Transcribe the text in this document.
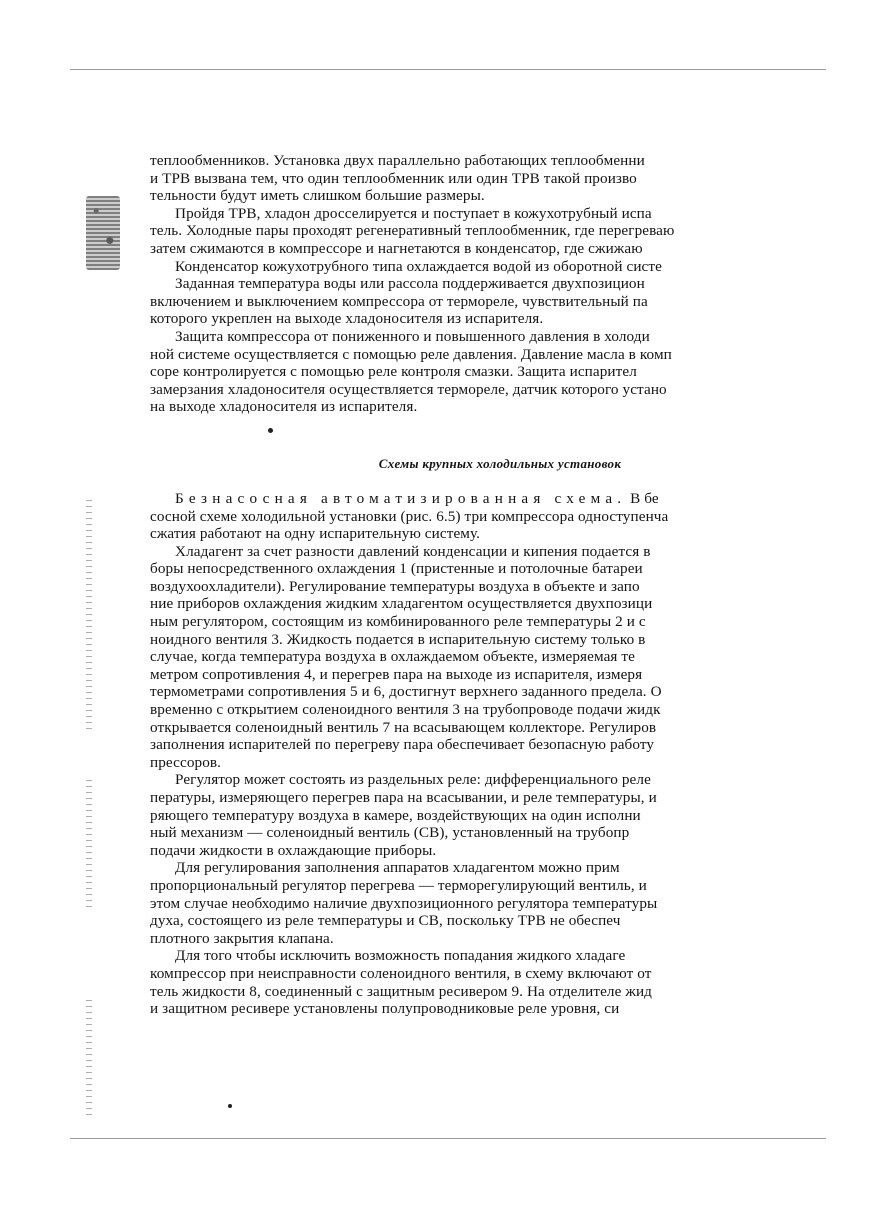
теплообменников. Установка двух параллельно работающих теплообменни
и ТРВ вызвана тем, что один теплообменник или один ТРВ такой произво
тельности будут иметь слишком большие размеры.
Пройдя ТРВ, хладон дросселируется и поступает в кожухотрубный испа
тель. Холодные пары проходят регенеративный теплообменник, где перегреваю
затем сжимаются в компрессоре и нагнетаются в конденсатор, где сжижаю
Конденсатор кожухотрубного типа охлаждается водой из оборотной систе
Заданная температура воды или рассола поддерживается двухпозицион
включением и выключением компрессора от термореле, чувствительный па
которого укреплен на выходе хладоносителя из испарителя.
Защита компрессора от пониженного и повышенного давления в холоди
ной системе осуществляется с помощью реле давления. Давление масла в комп
соре контролируется с помощью реле контроля смазки. Защита испарител
замерзания хладоносителя осуществляется термореле, датчик которого устано
на выходе хладоносителя из испарителя.
Схемы крупных холодильных установок
Безнасосная автоматизированная схема. В бе
сосной схеме холодильной установки (рис. 6.5) три компрессора одноступенча
сжатия работают на одну испарительную систему.
Хладагент за счет разности давлений конденсации и кипения подается в
боры непосредственного охлаждения 1 (пристенные и потолочные батареи
воздухоохладители). Регулирование температуры воздуха в объекте и запо
ние приборов охлаждения жидким хладагентом осуществляется двухпозици
ным регулятором, состоящим из комбинированного реле температуры 2 и с
ноидного вентиля 3. Жидкость подается в испарительную систему только в
случае, когда температура воздуха в охлаждаемом объекте, измеряемая те
метром сопротивления 4, и перегрев пара на выходе из испарителя, измеря
термометрами сопротивления 5 и 6, достигнут верхнего заданного предела. О
временно с открытием соленоидного вентиля 3 на трубопроводе подачи жидк
открывается соленоидный вентиль 7 на всасывающем коллекторе. Регулиров
заполнения испарителей по перегреву пара обеспечивает безопасную работу
прессоров.
Регулятор может состоять из раздельных реле: дифференциального реле
пературы, измеряющего перегрев пара на всасывании, и реле температуры, и
ряющего температуру воздуха в камере, воздействующих на один исполни
ный механизм — соленоидный вентиль (СВ), установленный на трубопр
подачи жидкости в охлаждающие приборы.
Для регулирования заполнения аппаратов хладагентом можно прим
пропорциональный регулятор перегрева — терморегулирующий вентиль, и
этом случае необходимо наличие двухпозиционного регулятора температуры
духа, состоящего из реле температуры и СВ, поскольку ТРВ не обеспеч
плотного закрытия клапана.
Для того чтобы исключить возможность попадания жидкого хладаге
компрессор при неисправности соленоидного вентиля, в схему включают от
тель жидкости 8, соединенный с защитным ресивером 9. На отделителе жид
и защитном ресивере установлены полупроводниковые реле уровня, си
